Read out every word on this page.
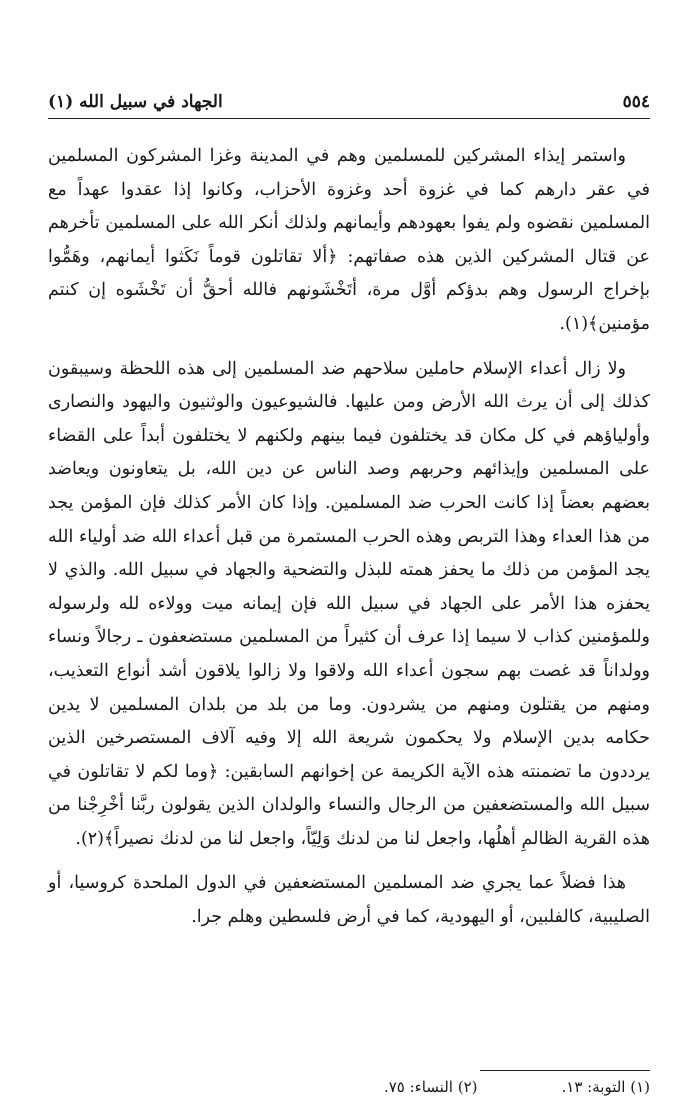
٥٥٤
الجهاد في سبيل الله (١)

واستمر إيذاء المشركين للمسلمين وهم في المدينة وغزا المشركون المسلمين في عقر دارهم كما في غزوة أحد وغزوة الأحزاب، وكانوا إذا عقدوا عهداً مع المسلمين نقضوه ولم يفوا بعهودهم وأيمانهم ولذلك أنكر الله على المسلمين تأخرهم عن قتال المشركين الذين هذه صفاتهم: ﴿ألا تقاتلون قوماً نَكَثوا أيمانهم، وهَمُّوا بإخراج الرسول وهم بدؤكم أوَّل مرة، أتَخْشَونهم فالله أحقُّ أن تَخْشَوه إن كنتم مؤمنين﴾(١).

ولا زال أعداء الإسلام حاملين سلاحهم ضد المسلمين إلى هذه اللحظة وسيبقون كذلك إلى أن يرث الله الأرض ومن عليها. فالشيوعيون والوثنيون واليهود والنصارى وأولياؤهم في كل مكان قد يختلفون فيما بينهم ولكنهم لا يختلفون أبداً على القضاء على المسلمين وإيذائهم وحربهم وصد الناس عن دين الله، بل يتعاونون ويعاضد بعضهم بعضاً إذا كانت الحرب ضد المسلمين. وإذا كان الأمر كذلك فإن المؤمن يجد من هذا العداء وهذا التربص وهذه الحرب المستمرة من قبل أعداء الله ضد أولياء الله يجد المؤمن من ذلك ما يحفز همته للبذل والتضحية والجهاد في سبيل الله. والذي لا يحفزه هذا الأمر على الجهاد في سبيل الله فإن إيمانه ميت وولاءه لله ولرسوله وللمؤمنين كذاب لا سيما إذا عرف أن كثيراً من المسلمين مستضعفون ـ رجالاً ونساء وولداناً قد غصت بهم سجون أعداء الله ولاقوا ولا زالوا يلاقون أشد أنواع التعذيب، ومنهم من يقتلون ومنهم من يشردون. وما من بلد من بلدان المسلمين لا يدين حكامه بدين الإسلام ولا يحكمون شريعة الله إلا وفيه آلاف المستصرخين الذين يرددون ما تضمنته هذه الآية الكريمة عن إخوانهم السابقين: ﴿وما لكم لا تقاتلون في سبيل الله والمستضعفين من الرجال والنساء والولدان الذين يقولون ربَّنا أخْرِجْنا من هذه القرية الظالمِ أهلُها، واجعل لنا من لدنك وَلِيّاً، واجعل لنا من لدنك نصيراً﴾(٢).

هذا فضلاً عما يجري ضد المسلمين المستضعفين في الدول الملحدة كروسيا، أو الصليبية، كالفلبين، أو اليهودية، كما في أرض فلسطين وهلم جرا.

(١) التوبة: ١٣.
(٢) النساء: ٧٥.
